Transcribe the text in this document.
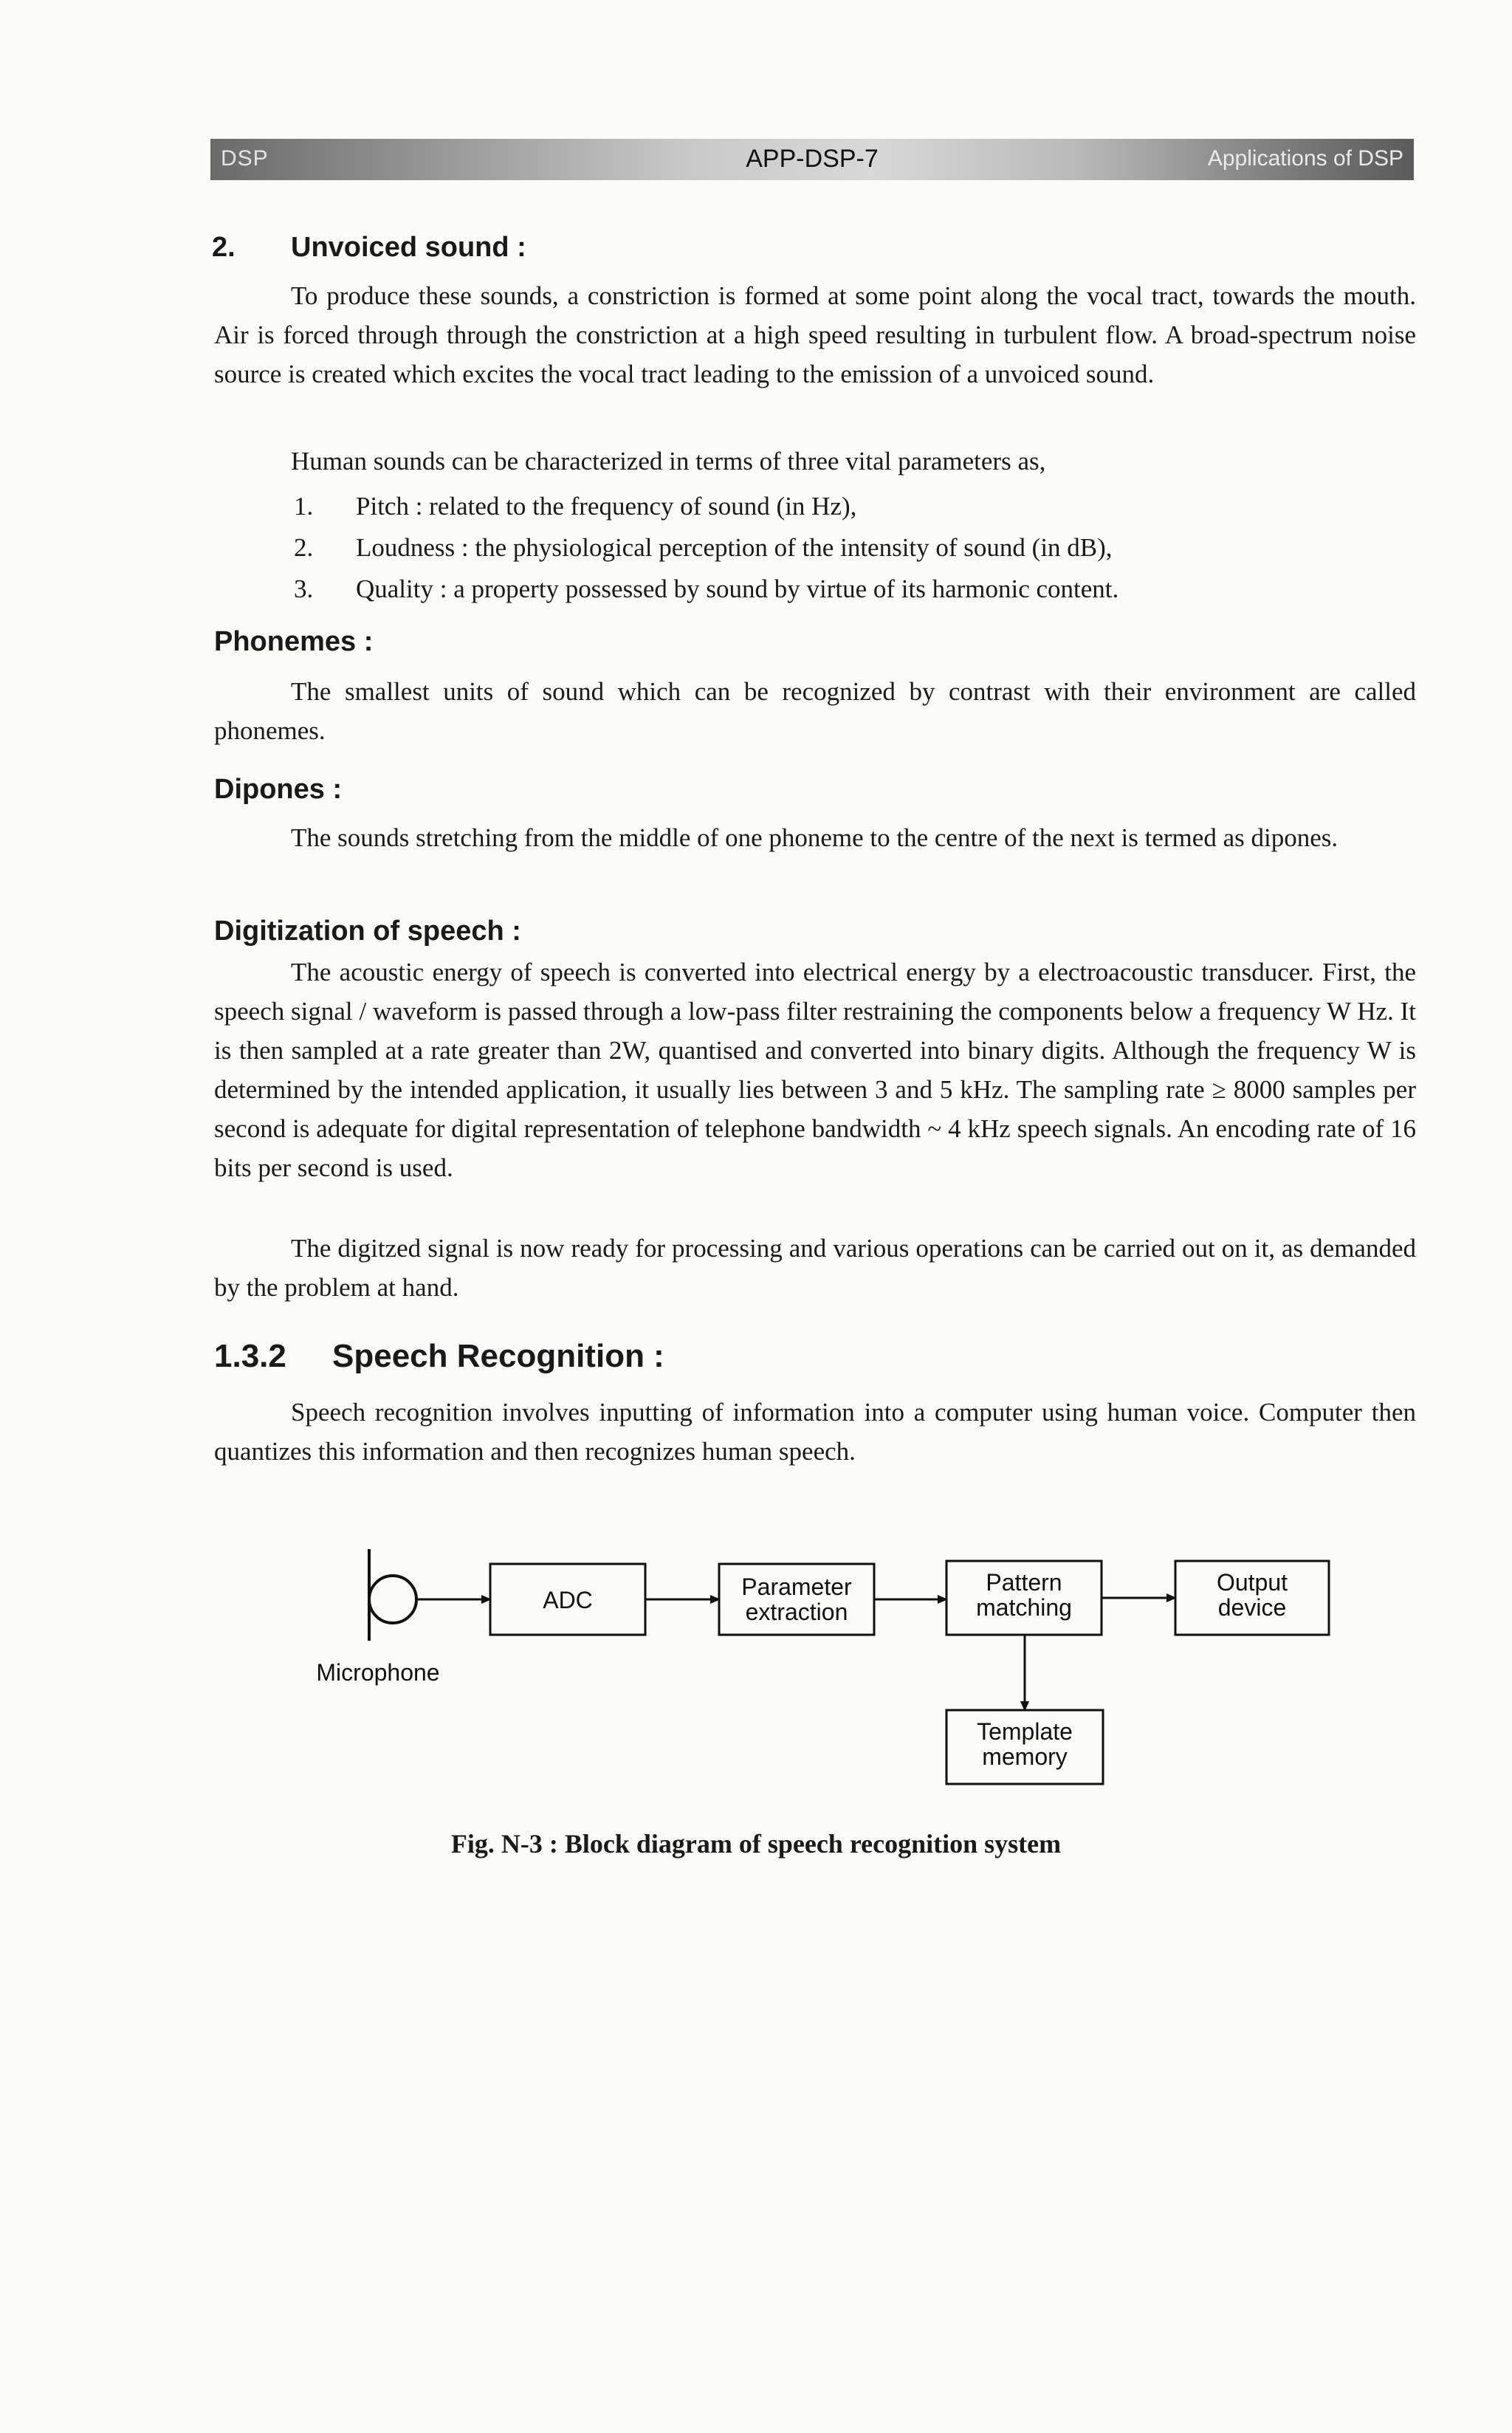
DSP	APP-DSP-7	Applications of DSP
2. Unvoiced sound :
To produce these sounds, a constriction is formed at some point along the vocal tract, towards the mouth. Air is forced through through the constriction at a high speed resulting in turbulent flow. A broad-spectrum noise source is created which excites the vocal tract leading to the emission of a unvoiced sound.
Human sounds can be characterized in terms of three vital parameters as,
1. Pitch : related to the frequency of sound (in Hz),
2. Loudness : the physiological perception of the intensity of sound (in dB),
3. Quality : a property possessed by sound by virtue of its harmonic content.
Phonemes :
The smallest units of sound which can be recognized by contrast with their environment are called phonemes.
Dipones :
The sounds stretching from the middle of one phoneme to the centre of the next is termed as dipones.
Digitization of speech :
The acoustic energy of speech is converted into electrical energy by a electroacoustic transducer. First, the speech signal / waveform is passed through a low-pass filter restraining the components below a frequency W Hz. It is then sampled at a rate greater than 2W, quantised and converted into binary digits. Although the frequency W is determined by the intended application, it usually lies between 3 and 5 kHz. The sampling rate ≥ 8000 samples per second is adequate for digital representation of telephone bandwidth ~ 4 kHz speech signals. An encoding rate of 16 bits per second is used.
The digitzed signal is now ready for processing and various operations can be carried out on it, as demanded by the problem at hand.
1.3.2 Speech Recognition :
Speech recognition involves inputting of information into a computer using human voice. Computer then quantizes this information and then recognizes human speech.
Microphone
ADC	Parameter
extraction
Pattern
matching
Output
device
Template
memory
Fig. N-3 : Block diagram of speech recognition system
